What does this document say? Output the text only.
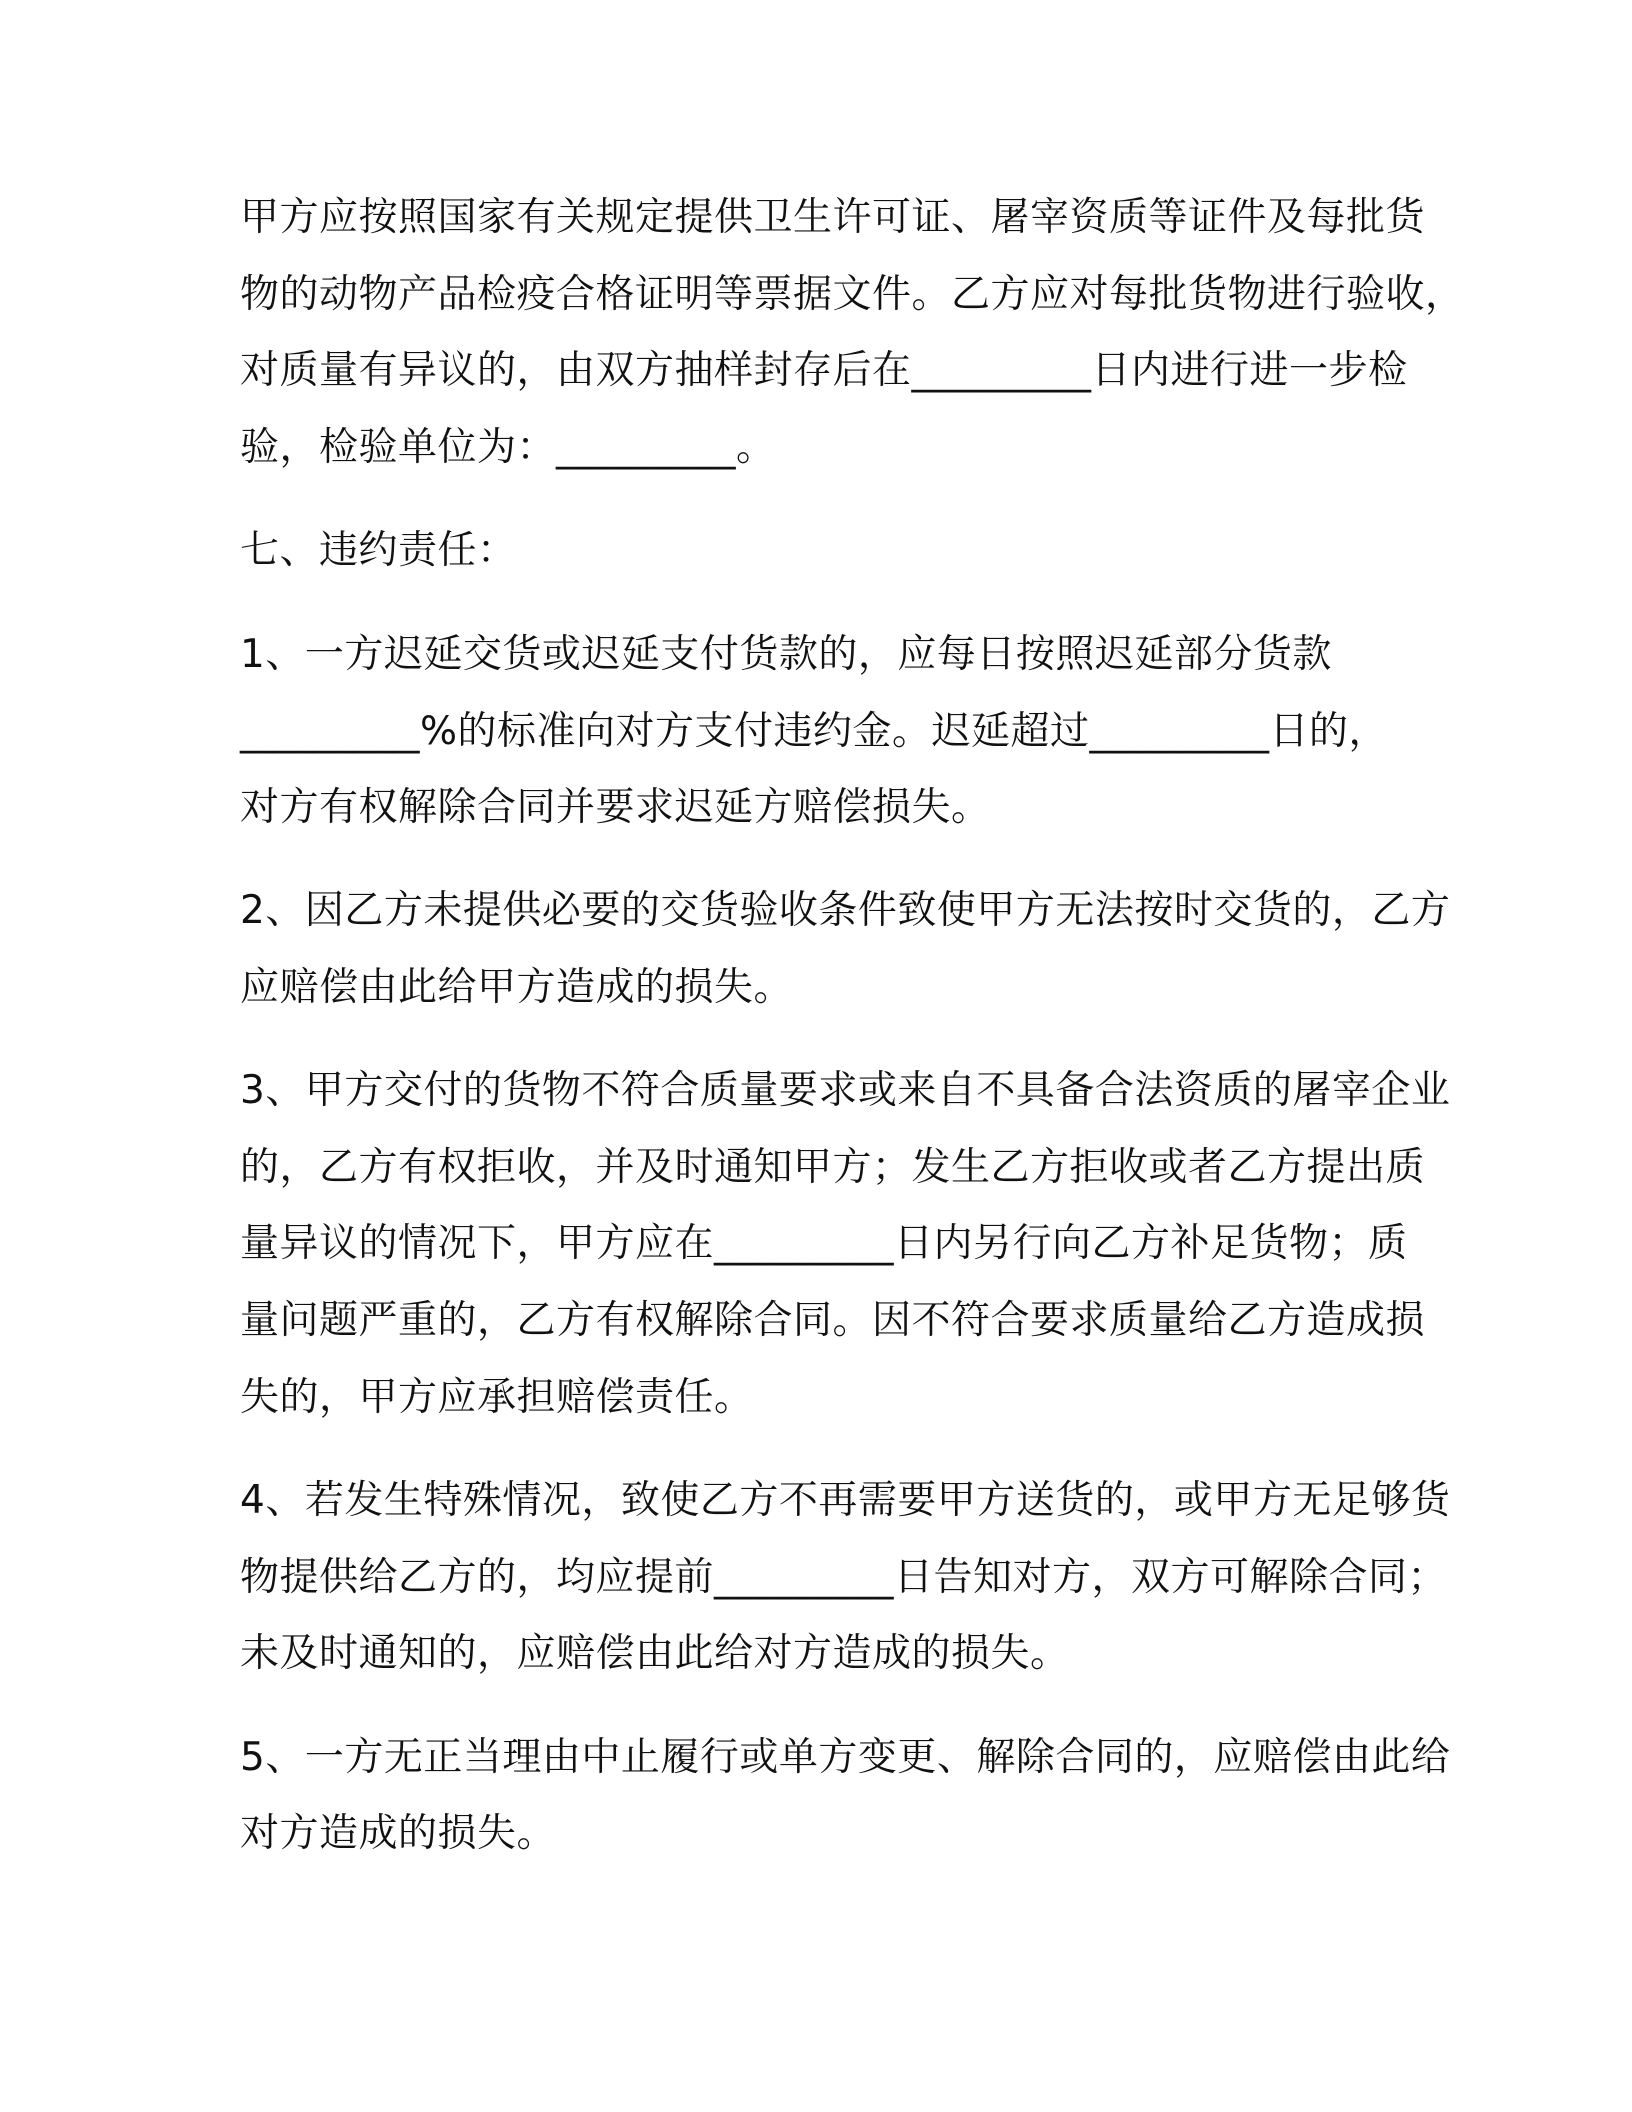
甲方应按照国家有关规定提供卫生许可证、屠宰资质等证件及每批货
物的动物产品检疫合格证明等票据文件。乙方应对每批货物进行验收，
对质量有异议的，由双方抽样封存后在_________日内进行进一步检
验，检验单位为：_________。
七、违约责任：
1、一方迟延交货或迟延支付货款的，应每日按照迟延部分货款
_________%的标准向对方支付违约金。迟延超过_________日的，
对方有权解除合同并要求迟延方赔偿损失。
2、因乙方未提供必要的交货验收条件致使甲方无法按时交货的，乙方
应赔偿由此给甲方造成的损失。
3、甲方交付的货物不符合质量要求或来自不具备合法资质的屠宰企业
的，乙方有权拒收，并及时通知甲方；发生乙方拒收或者乙方提出质
量异议的情况下，甲方应在_________日内另行向乙方补足货物；质
量问题严重的，乙方有权解除合同。因不符合要求质量给乙方造成损
失的，甲方应承担赔偿责任。
4、若发生特殊情况，致使乙方不再需要甲方送货的，或甲方无足够货
物提供给乙方的，均应提前_________日告知对方，双方可解除合同；
未及时通知的，应赔偿由此给对方造成的损失。
5、一方无正当理由中止履行或单方变更、解除合同的，应赔偿由此给
对方造成的损失。
